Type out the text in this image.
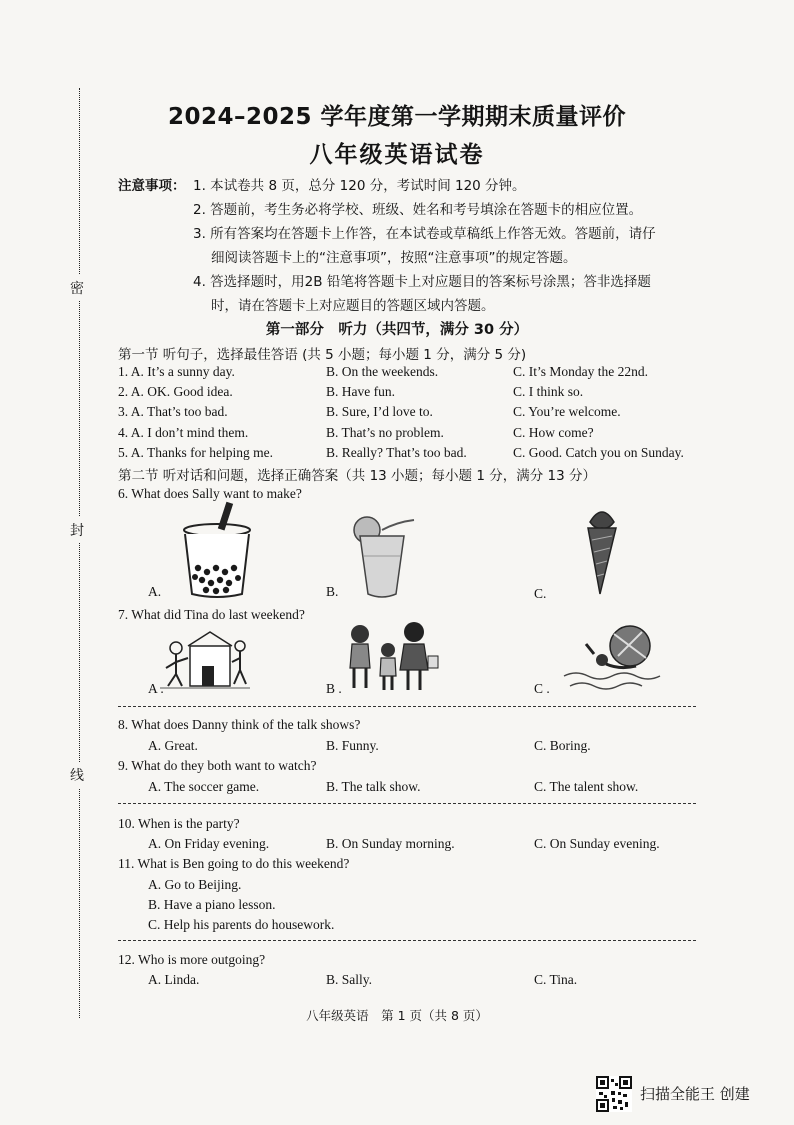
密
封
线
2024–2025 学年度第一学期期末质量评价
八年级英语试卷
注意事项： 1. 本试卷共 8 页，总分 120 分，考试时间 120 分钟。
2. 答题前，考生务必将学校、班级、姓名和考号填涂在答题卡的相应位置。
3. 所有答案均在答题卡上作答，在本试卷或草稿纸上作答无效。答题前，请仔
细阅读答题卡上的“注意事项”，按照“注意事项”的规定答题。
4. 答选择题时，用2B 铅笔将答题卡上对应题目的答案标号涂黑；答非选择题
时，请在答题卡上对应题目的答题区域内答题。
第一部分　听力（共四节，满分 30 分）
第一节 听句子，选择最佳答语 (共 5 小题；每小题 1 分，满分 5 分)
1. A. It’s a sunny day.	B. On the weekends.	C. It’s Monday the 22nd.
2. A. OK. Good idea.	B. Have fun.	C. I think so.
3. A. That’s too bad.	B. Sure, I’d love to.	C. You’re welcome.
4. A. I don’t mind them.	B. That’s no problem.	C. How come?
5. A. Thanks for helping me.	B. Really? That’s too bad.	C. Good. Catch you on Sunday.
第二节 听对话和问题，选择正确答案（共 13 小题；每小题 1 分，满分 13 分）
6. What does Sally want to make?
A.	B.	C.
7. What did Tina do last weekend?
A .	B .	C .
8. What does Danny think of the talk shows?
A. Great.	B. Funny.	C. Boring.
9. What do they both want to watch?
A. The soccer game.	B. The talk show.	C. The talent show.
10. When is the party?
A. On Friday evening.	B. On Sunday morning.	C. On Sunday evening.
11. What is Ben going to do this weekend?
A. Go to Beijing.
B. Have a piano lesson.
C. Help his parents do housework.
12. Who is more outgoing?
A. Linda.	B. Sally.	C. Tina.
八年级英语　第 1 页（共 8 页）
扫描全能王 创建
